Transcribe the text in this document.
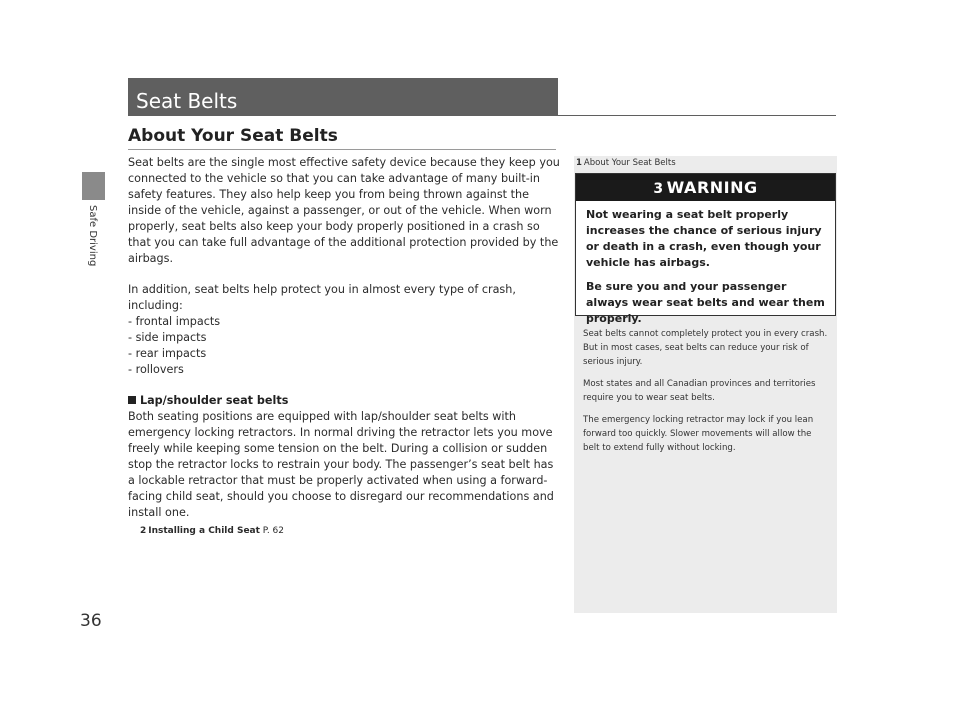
Safe Driving
Seat Belts
About Your Seat Belts

Seat belts are the single most effective safety device because they keep you connected to the vehicle so that you can take advantage of many built-in safety features. They also help keep you from being thrown against the inside of the vehicle, against a passenger, or out of the vehicle. When worn properly, seat belts also keep your body properly positioned in a crash so that you can take full advantage of the additional protection provided by the airbags.

In addition, seat belts help protect you in almost every type of crash, including:

- frontal impacts

- side impacts

- rear impacts

- rollovers

Lap/shoulder seat belts

Both seating positions are equipped with lap/shoulder seat belts with emergency locking retractors. In normal driving the retractor lets you move freely while keeping some tension on the belt. During a collision or sudden stop the retractor locks to restrain your body. The passenger’s seat belt has a lockable retractor that must be properly activated when using a forward-facing child seat, should you choose to disregard our recommendations and install one.

2 Installing a Child Seat P. 62
1 About Your Seat Belts
3 WARNING

Not wearing a seat belt properly increases the chance of serious injury or death in a crash, even though your vehicle has airbags.

Be sure you and your passenger always wear seat belts and wear them properly.

Seat belts cannot completely protect you in every crash. But in most cases, seat belts can reduce your risk of serious injury.

Most states and all Canadian provinces and territories require you to wear seat belts.

The emergency locking retractor may lock if you lean forward too quickly. Slower movements will allow the belt to extend fully without locking.

36
